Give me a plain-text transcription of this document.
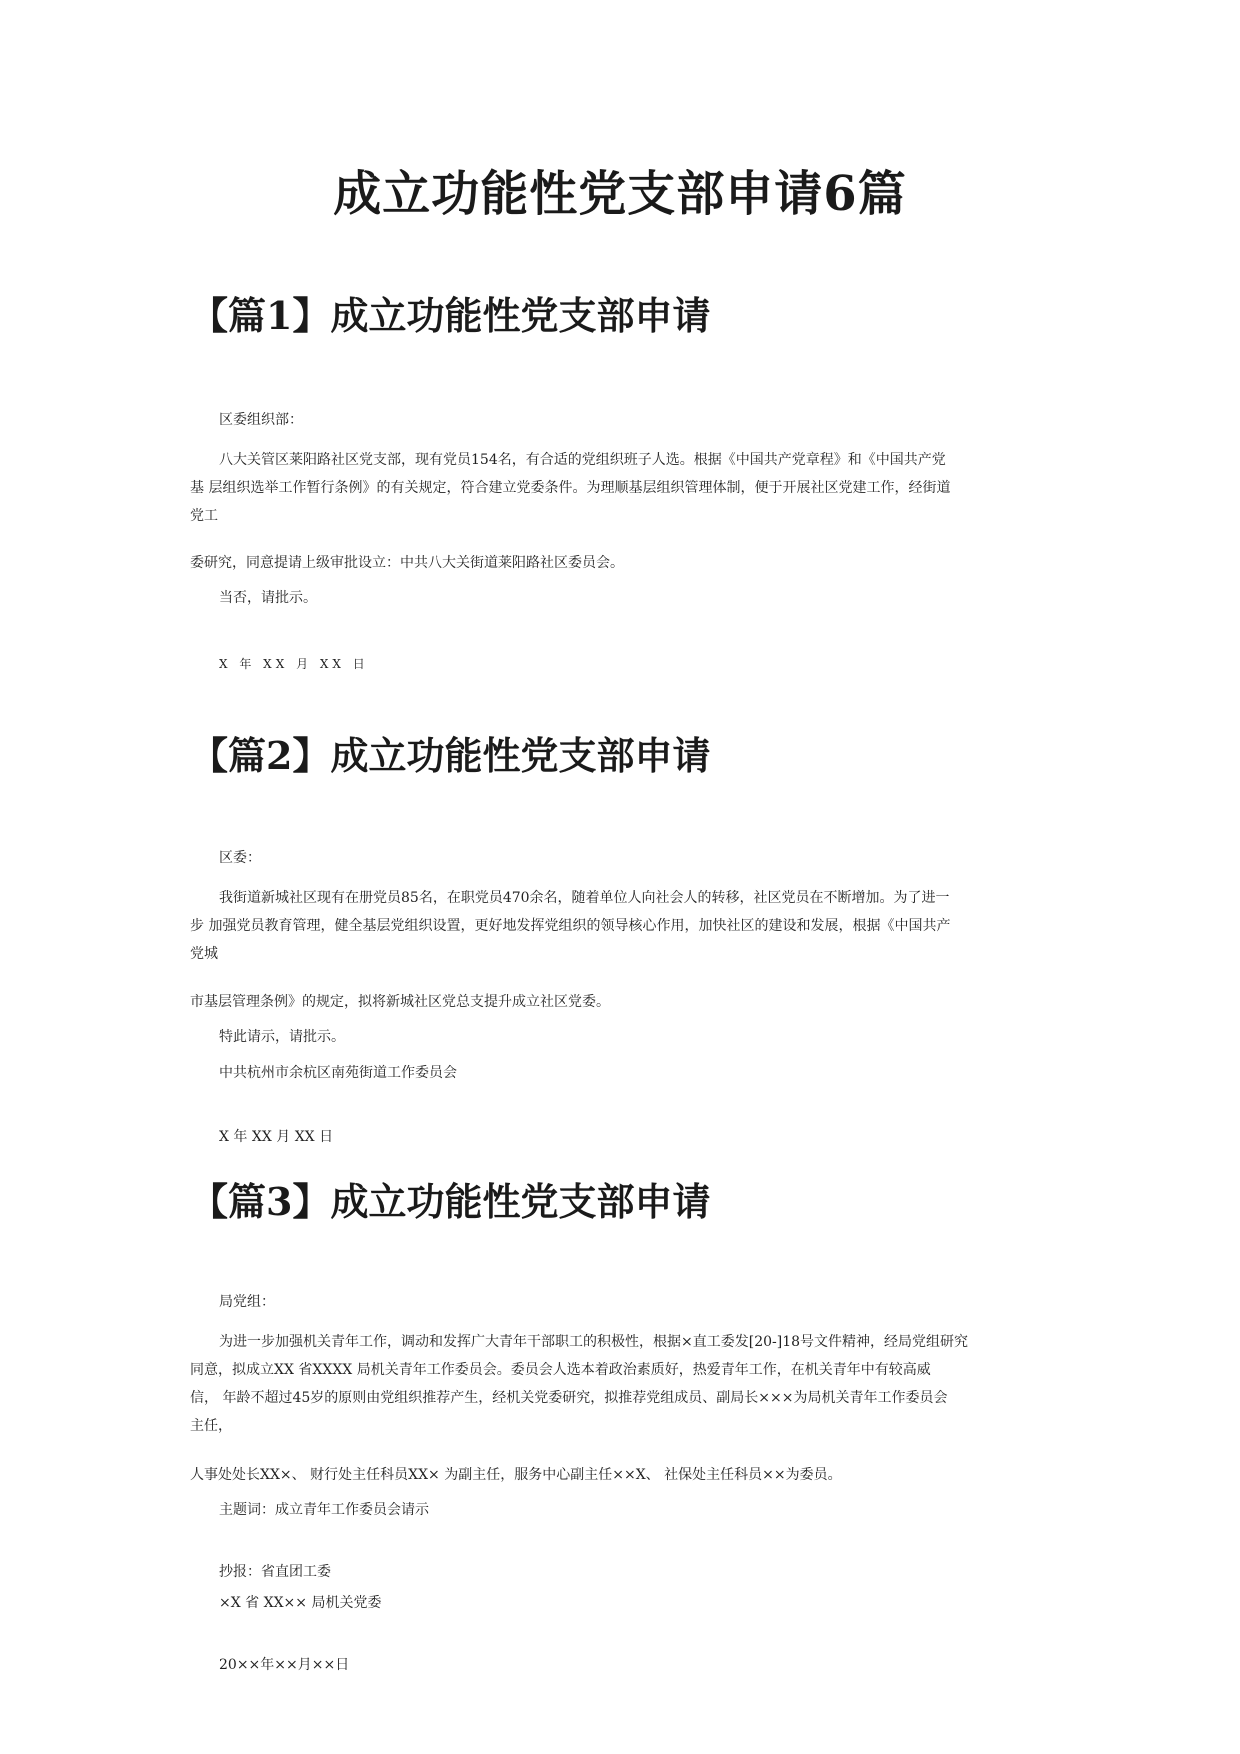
成立功能性党支部申请6篇
【篇1】成立功能性党支部申请
区委组织部：
八大关管区莱阳路社区党支部，现有党员154名，有合适的党组织班子人选。根据《中国共产党章程》和《中国共产党
基 层组织选举工作暂行条例》的有关规定，符合建立党委条件。为理顺基层组织管理体制，便于开展社区党建工作，经街道
党工
委研究，同意提请上级审批设立：中共八大关街道莱阳路社区委员会。
当否，请批示。
X 年 XX 月 XX 日
【篇2】成立功能性党支部申请
区委：
我街道新城社区现有在册党员85名，在职党员470余名，随着单位人向社会人的转移，社区党员在不断增加。为了进一
步 加强党员教育管理，健全基层党组织设置，更好地发挥党组织的领导核心作用，加快社区的建设和发展，根据《中国共产
党城
市基层管理条例》的规定，拟将新城社区党总支提升成立社区党委。
特此请示，请批示。
中共杭州市余杭区南苑街道工作委员会
X 年 XX 月 XX 日
【篇3】成立功能性党支部申请
局党组：
为进一步加强机关青年工作，调动和发挥广大青年干部职工的积极性，根据×直工委发[20-]18号文件精神，经局党组研究
同意，拟成立XX 省XXXX 局机关青年工作委员会。委员会人选本着政治素质好，热爱青年工作，在机关青年中有较高威
信， 年龄不超过45岁的原则由党组织推荐产生，经机关党委研究，拟推荐党组成员、副局长×××为局机关青年工作委员会
主任，
人事处处长XX×、 财行处主任科员XX× 为副主任，服务中心副主任××X、 社保处主任科员××为委员。
主题词：成立青年工作委员会请示
抄报：省直团工委
×X 省 XX×× 局机关党委
20××年××月××日
